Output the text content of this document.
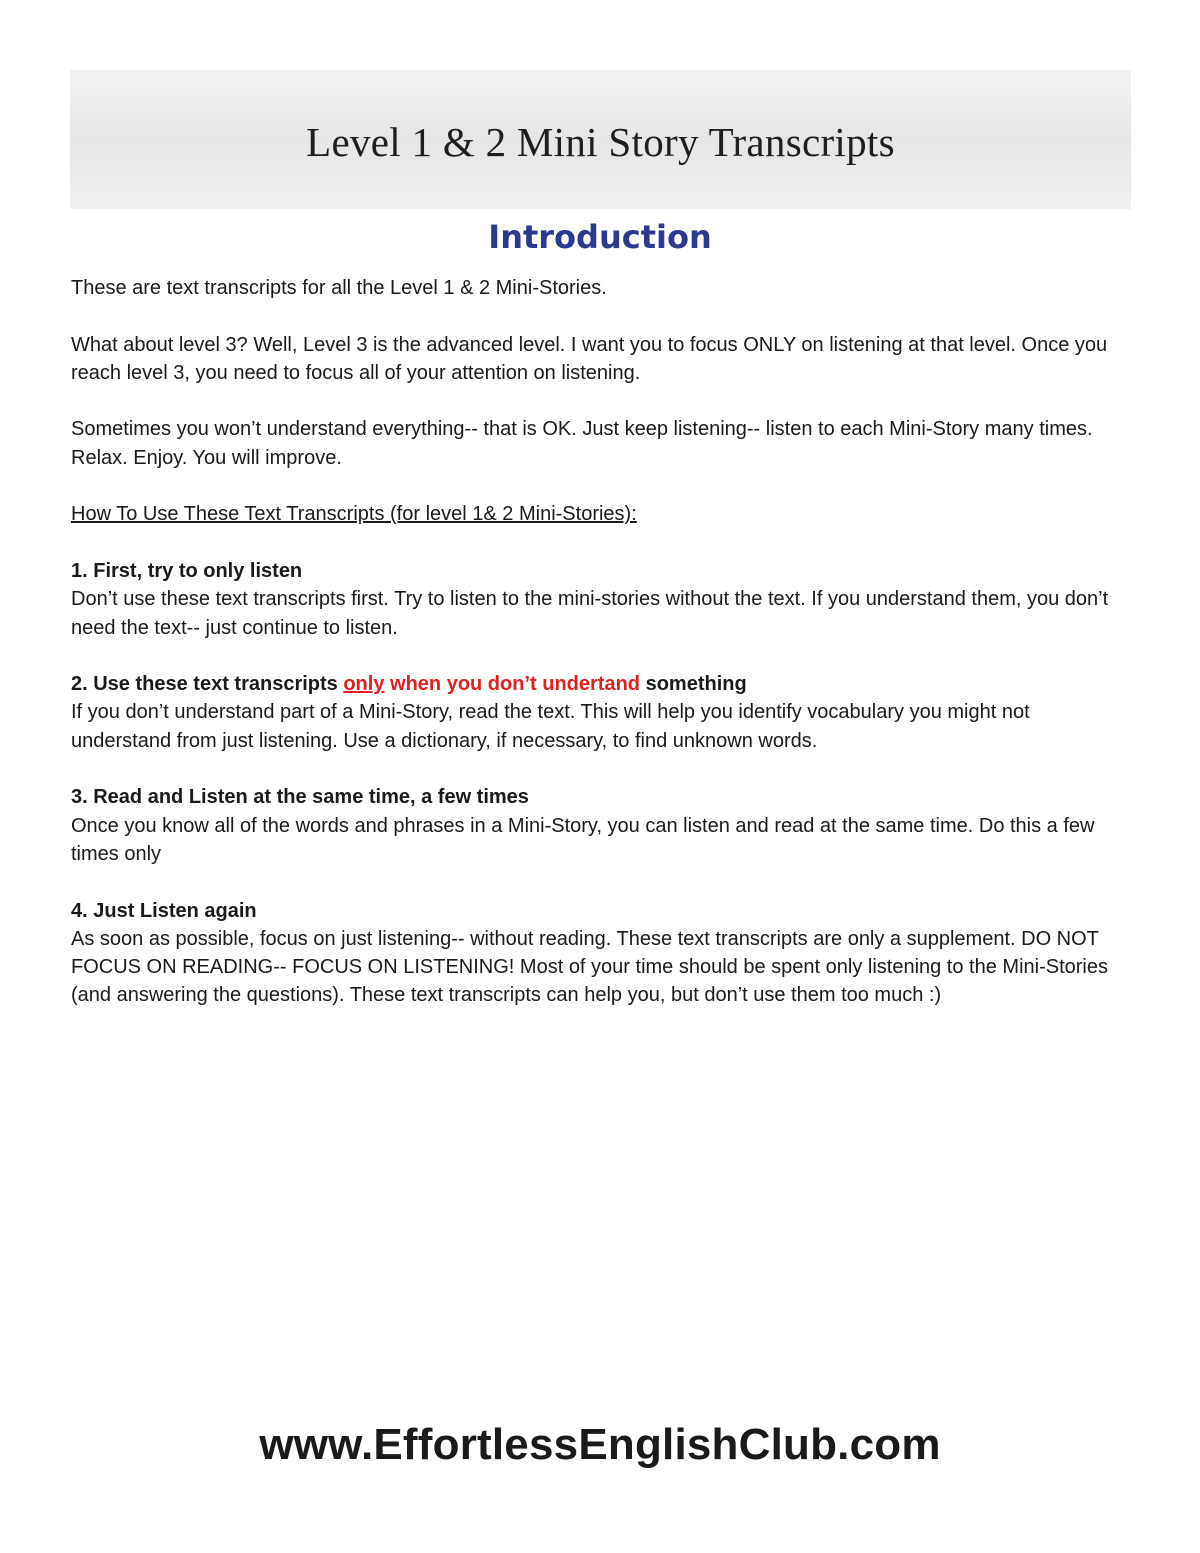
Level 1 & 2 Mini Story Transcripts
Introduction

These are text transcripts for all the Level 1 & 2 Mini-Stories.

What about level 3? Well, Level 3 is the advanced level. I want you to focus ONLY on listening at that level. Once you reach level 3, you need to focus all of your attention on listening.

Sometimes you won’t understand everything-- that is OK. Just keep listening-- listen to each Mini-Story many times. Relax. Enjoy. You will improve.

How To Use These Text Transcripts (for level 1& 2 Mini-Stories):

1. First, try to only listen
Don’t use these text transcripts first. Try to listen to the mini-stories without the text. If you understand them, you don’t need the text-- just continue to listen.

2. Use these text transcripts only when you don’t undertand something
If you don’t understand part of a Mini-Story, read the text. This will help you identify vocabulary you might not understand from just listening. Use a dictionary, if necessary, to find unknown words.

3. Read and Listen at the same time, a few times
Once you know all of the words and phrases in a Mini-Story, you can listen and read at the same time. Do this a few times only

4. Just Listen again
As soon as possible, focus on just listening-- without reading. These text transcripts are only a supplement. DO NOT FOCUS ON READING-- FOCUS ON LISTENING! Most of your time should be spent only listening to the Mini-Stories (and answering the questions). These text transcripts can help you, but don’t use them too much :)

www.EffortlessEnglishClub.com
